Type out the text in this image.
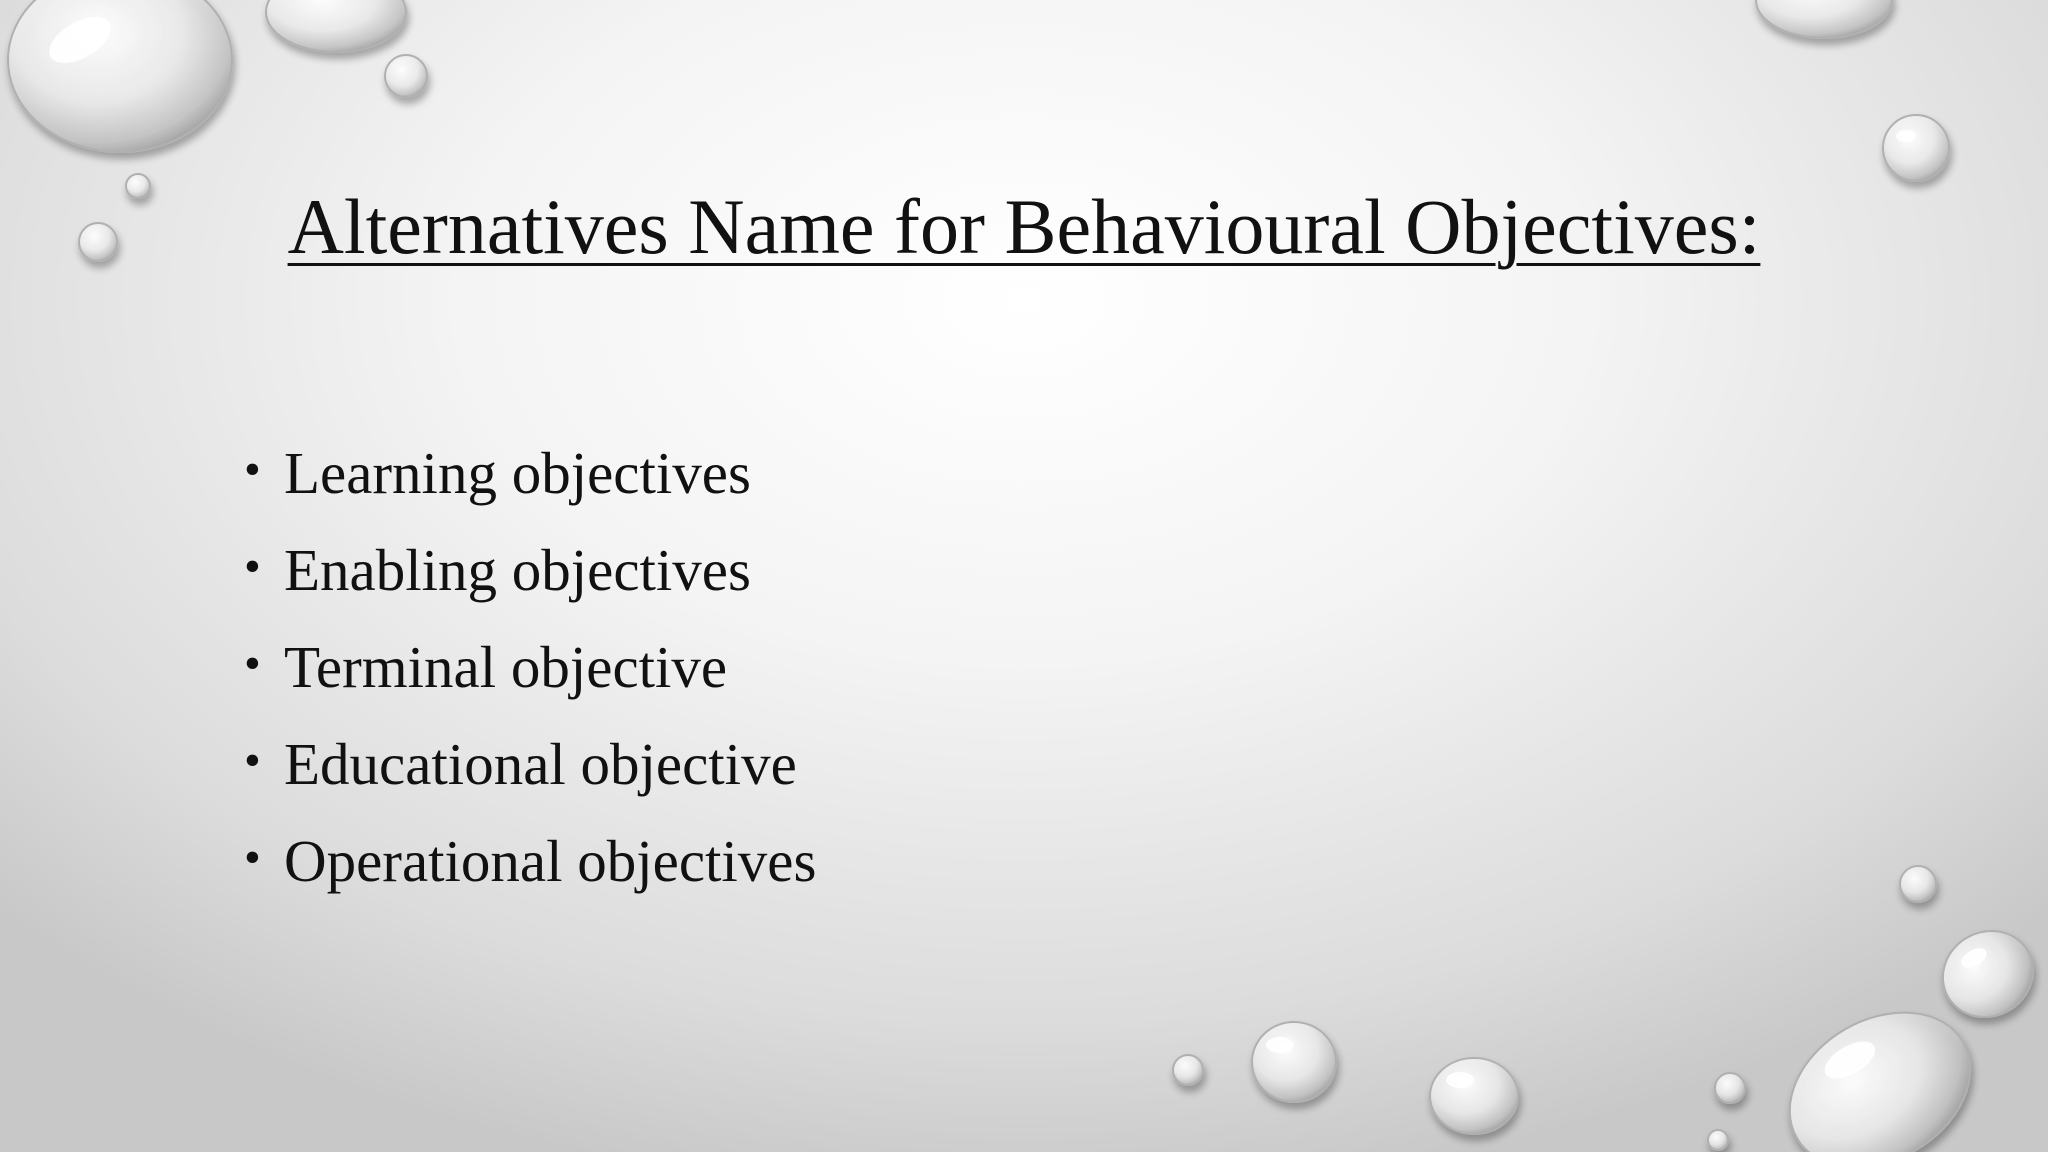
Alternatives Name for Behavioural Objectives:
• Learning objectives
• Enabling objectives
• Terminal objective
• Educational objective
• Operational objectives
